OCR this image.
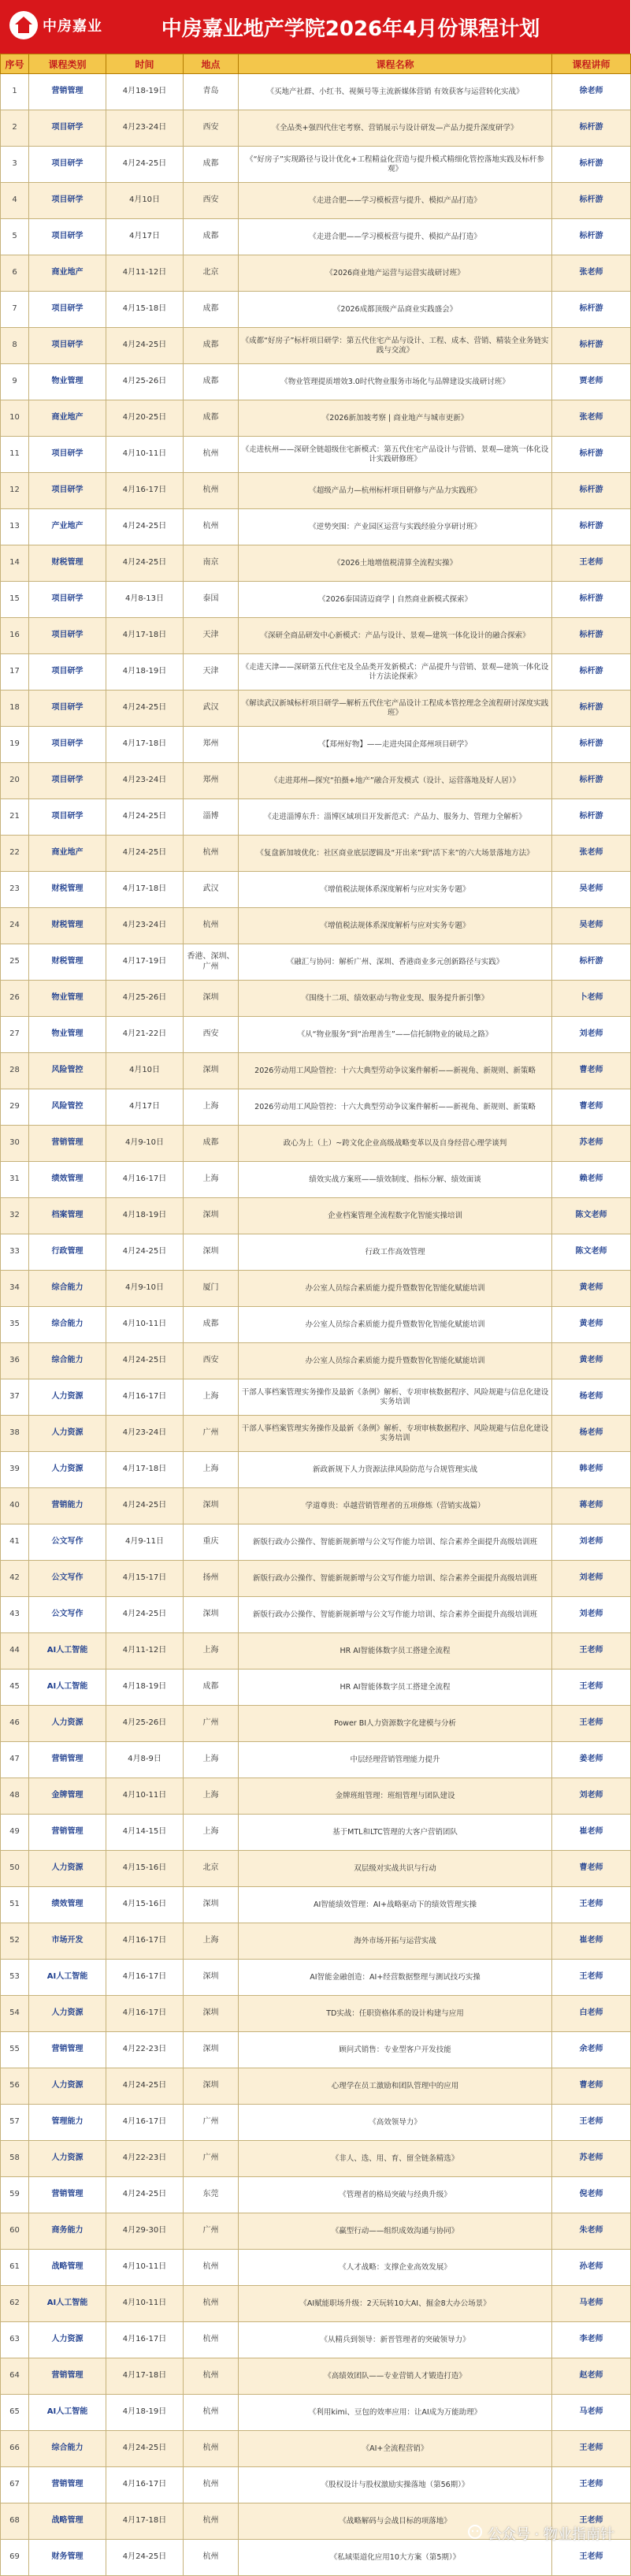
中房嘉业	中房嘉业地产学院2026年4月份课程计划
序号	课程类别	时间	地点	课程名称	课程讲师
1	营销管理	4月18-19日	青岛	《买地产社群、小红书、视频号等主流新媒体营销 有效获客与运营转化实战》	徐老师
2	项目研学	4月23-24日	西安	《全品类+强四代住宅考察、营销展示与设计研发—产品力提升深度研学》	标杆游
3	项目研学	4月24-25日	成都	《“好房子”实现路径与设计优化+工程精益化营造与提升模式精细化管控落地实践及标杆参观》	标杆游
4	项目研学	4月10日	西安	《走进合肥——学习模板营与提升、模拟产品打造》	标杆游
5	项目研学	4月17日	成都	《走进合肥——学习模板营与提升、模拟产品打造》	标杆游
6	商业地产	4月11-12日	北京	《2026商业地产运营与运营实战研讨班》	张老师
7	项目研学	4月15-18日	成都	《2026成都顶级产品商业实践盛会》	标杆游
8	项目研学	4月24-25日	成都	《成都“好房子”标杆项目研学：第五代住宅产品与设计、工程、成本、营销、精装全业务链实践与交流》	标杆游
9	物业管理	4月25-26日	成都	《物业管理提质增效3.0时代物业服务市场化与品牌建设实战研讨班》	贾老师
10	商业地产	4月20-25日	成都	《2026新加坡考察 | 商业地产与城市更新》	张老师
11	项目研学	4月10-11日	杭州	《走进杭州——深研全链超级住宅新模式：第五代住宅产品设计与营销、景观—建筑一体化设计实践研修班》	标杆游
12	项目研学	4月16-17日	杭州	《超级产品力—杭州标杆项目研修与产品力实践班》	标杆游
13	产业地产	4月24-25日	杭州	《逆势突围：产业园区运营与实践经验分享研讨班》	标杆游
14	财税管理	4月24-25日	南京	《2026土地增值税清算全流程实操》	王老师
15	项目研学	4月8-13日	泰国	《2026泰国清迈商学 | 自然商业新模式探索》	标杆游
16	项目研学	4月17-18日	天津	《深研全商品研发中心新模式：产品与设计、景观—建筑一体化设计的融合探索》	标杆游
17	项目研学	4月18-19日	天津	《走进天津——深研第五代住宅及全品类开发新模式：产品提升与营销、景观—建筑一体化设计方法论探索》	标杆游
18	项目研学	4月24-25日	武汉	《解读武汉新城标杆项目研学—解析五代住宅产品设计工程成本管控理念全流程研讨深度实践班》	标杆游
19	项目研学	4月17-18日	郑州	《【郑州好物】——走进央国企郑州项目研学》	标杆游
20	项目研学	4月23-24日	郑州	《走进郑州—探究“拍摄+地产”融合开发模式（设计、运营落地及好人居）》	标杆游
21	项目研学	4月24-25日	淄博	《走进淄博东升：淄博区域项目开发新范式：产品力、服务力、管理力全解析》	标杆游
22	商业地产	4月24-25日	杭州	《复盘新加坡优化：社区商业底层逻辑及“开出来”到“活下来”的六大场景落地方法》	张老师
23	财税管理	4月17-18日	武汉	《增值税法规体系深度解析与应对实务专题》	吴老师
24	财税管理	4月23-24日	杭州	《增值税法规体系深度解析与应对实务专题》	吴老师
25	财税管理	4月17-19日	香港、深圳、广州	《融汇与协同：解析广州、深圳、香港商业多元创新路径与实践》	标杆游
26	物业管理	4月25-26日	深圳	《围绕十二项、绩效驱动与物业变现、服务提升新引擎》	卜老师
27	物业管理	4月21-22日	西安	《从“物业服务”到“治理善生”——信托制物业的破局之路》	刘老师
28	风险管控	4月10日	深圳	2026劳动用工风险管控：十六大典型劳动争议案件解析——新视角、新规则、新策略	曹老师
29	风险管控	4月17日	上海	2026劳动用工风险管控：十六大典型劳动争议案件解析——新视角、新规则、新策略	曹老师
30	营销管理	4月9-10日	成都	政心为上（上）~跨文化企业高级战略变革以及自身经营心理学谈判	苏老师
31	绩效管理	4月16-17日	上海	绩效实战方案班——绩效制度、指标分解、绩效面谈	赖老师
32	档案管理	4月18-19日	深圳	企业档案管理全流程数字化智能实操培训	陈文老师
33	行政管理	4月24-25日	深圳	行政工作高效管理	陈文老师
34	综合能力	4月9-10日	厦门	办公室人员综合素质能力提升暨数智化智能化赋能培训	黄老师
35	综合能力	4月10-11日	成都	办公室人员综合素质能力提升暨数智化智能化赋能培训	黄老师
36	综合能力	4月24-25日	西安	办公室人员综合素质能力提升暨数智化智能化赋能培训	黄老师
37	人力资源	4月16-17日	上海	干部人事档案管理实务操作及最新《条例》解析、专项审核数据程序、风险规避与信息化建设实务培训	杨老师
38	人力资源	4月23-24日	广州	干部人事档案管理实务操作及最新《条例》解析、专项审核数据程序、风险规避与信息化建设实务培训	杨老师
39	人力资源	4月17-18日	上海	新政新规下人力资源法律风险防范与合规管理实战	韩老师
40	营销能力	4月24-25日	深圳	学道尊贵：卓越营销管理者的五项修炼（营销实战篇）	蒋老师
41	公文写作	4月9-11日	重庆	新版行政办公操作、智能新规新增与公文写作能力培训、综合素养全面提升高级培训班	刘老师
42	公文写作	4月15-17日	扬州	新版行政办公操作、智能新规新增与公文写作能力培训、综合素养全面提升高级培训班	刘老师
43	公文写作	4月24-25日	深圳	新版行政办公操作、智能新规新增与公文写作能力培训、综合素养全面提升高级培训班	刘老师
44	AI人工智能	4月11-12日	上海	HR AI智能体数字员工搭建全流程	王老师
45	AI人工智能	4月18-19日	成都	HR AI智能体数字员工搭建全流程	王老师
46	人力资源	4月25-26日	广州	Power BI人力资源数字化建模与分析	王老师
47	营销管理	4月8-9日	上海	中层经理营销管理能力提升	姜老师
48	金牌管理	4月10-11日	上海	金牌班组管理：班组管理与团队建设	刘老师
49	营销管理	4月14-15日	上海	基于MTL和LTC管理的大客户营销团队	崔老师
50	人力资源	4月15-16日	北京	双层级对实战共识与行动	曹老师
51	绩效管理	4月15-16日	深圳	AI智能绩效管理：AI+战略驱动下的绩效管理实操	王老师
52	市场开发	4月16-17日	上海	海外市场开拓与运营实战	崔老师
53	AI人工智能	4月16-17日	深圳	AI智能金融创造：AI+经营数据整理与测试技巧实操	王老师
54	人力资源	4月16-17日	深圳	TD实战：任职资格体系的设计构建与应用	白老师
55	营销管理	4月22-23日	深圳	顾问式销售：专业型客户开发技能	余老师
56	人力资源	4月24-25日	深圳	心理学在员工激励和团队管理中的应用	曹老师
57	管理能力	4月16-17日	广州	《高效领导力》	王老师
58	人力资源	4月22-23日	广州	《非人、选、用、育、留全链条精选》	苏老师
59	营销管理	4月24-25日	东莞	《管理者的格局突破与经典升级》	倪老师
60	商务能力	4月29-30日	广州	《赢型行动——组织成效沟通与协同》	朱老师
61	战略管理	4月10-11日	杭州	《人才战略：支撑企业高效发展》	孙老师
62	AI人工智能	4月10-11日	杭州	《AI赋能职场升级：2天玩转10大AI、掘金8大办公场景》	马老师
63	人力资源	4月16-17日	杭州	《从精兵到领导：新晋管理者的突破领导力》	李老师
64	营销管理	4月17-18日	杭州	《高绩效团队——专业营销人才锻造打造》	赵老师
65	AI人工智能	4月18-19日	杭州	《利用kimi、豆包的效率应用：让AI成为万能助理》	马老师
66	综合能力	4月24-25日	杭州	《AI+全流程营销》	王老师
67	营销管理	4月16-17日	杭州	《股权设计与股权激励实操落地（第56期）》	王老师
68	战略管理	4月17-18日	杭州	《战略解码与会战目标的项落地》	王老师
69	财务管理	4月24-25日	杭州	《私域渠道化应用10大方案（第5期）》	王老师
公众号 · 物业指南针
